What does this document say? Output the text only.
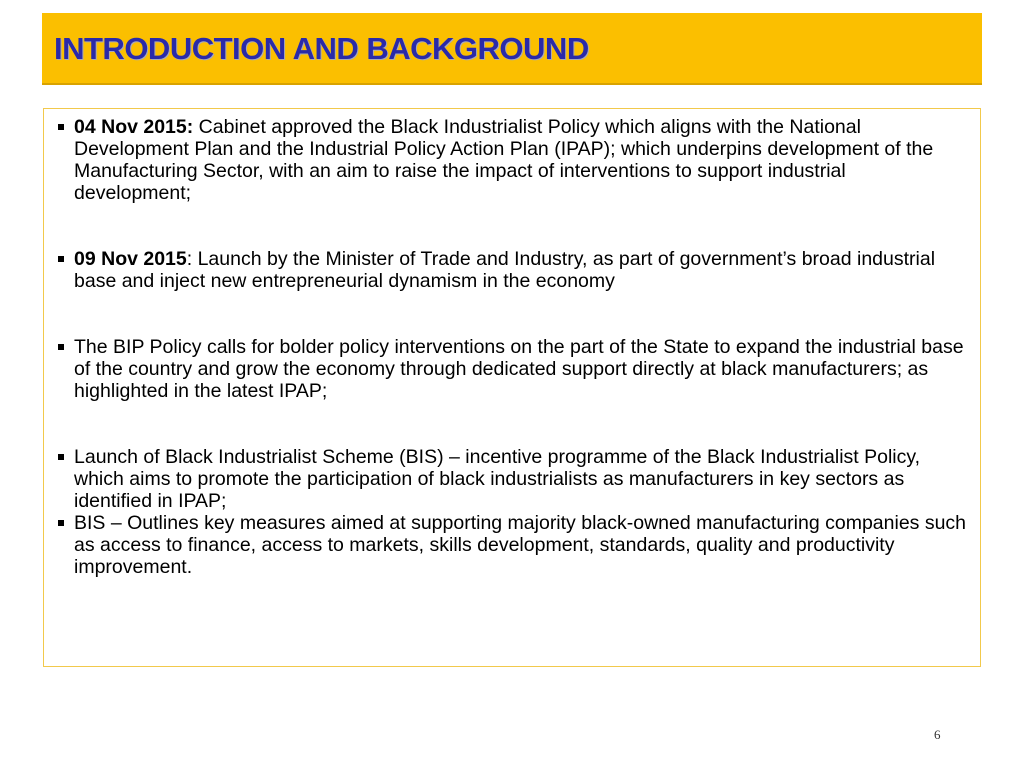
INTRODUCTION AND BACKGROUND
04 Nov 2015: Cabinet approved the Black Industrialist Policy which aligns with the National Development Plan and the Industrial Policy Action Plan (IPAP); which underpins development of the Manufacturing Sector, with an aim to raise the impact of interventions to support industrial development;
09 Nov 2015: Launch by the Minister of Trade and Industry, as part of government’s broad industrial base and inject new entrepreneurial dynamism in the economy
The BIP Policy calls for bolder policy interventions on the part of the State to expand the industrial base of the country and grow the economy through dedicated support directly at black manufacturers; as highlighted in the latest IPAP;
Launch of Black Industrialist Scheme (BIS) – incentive programme of the Black Industrialist Policy, which aims to promote the participation of black industrialists as manufacturers in key sectors as identified in IPAP;
BIS – Outlines key measures aimed at supporting majority black-owned manufacturing companies such as access to finance, access to markets, skills development, standards, quality and productivity improvement.
6
